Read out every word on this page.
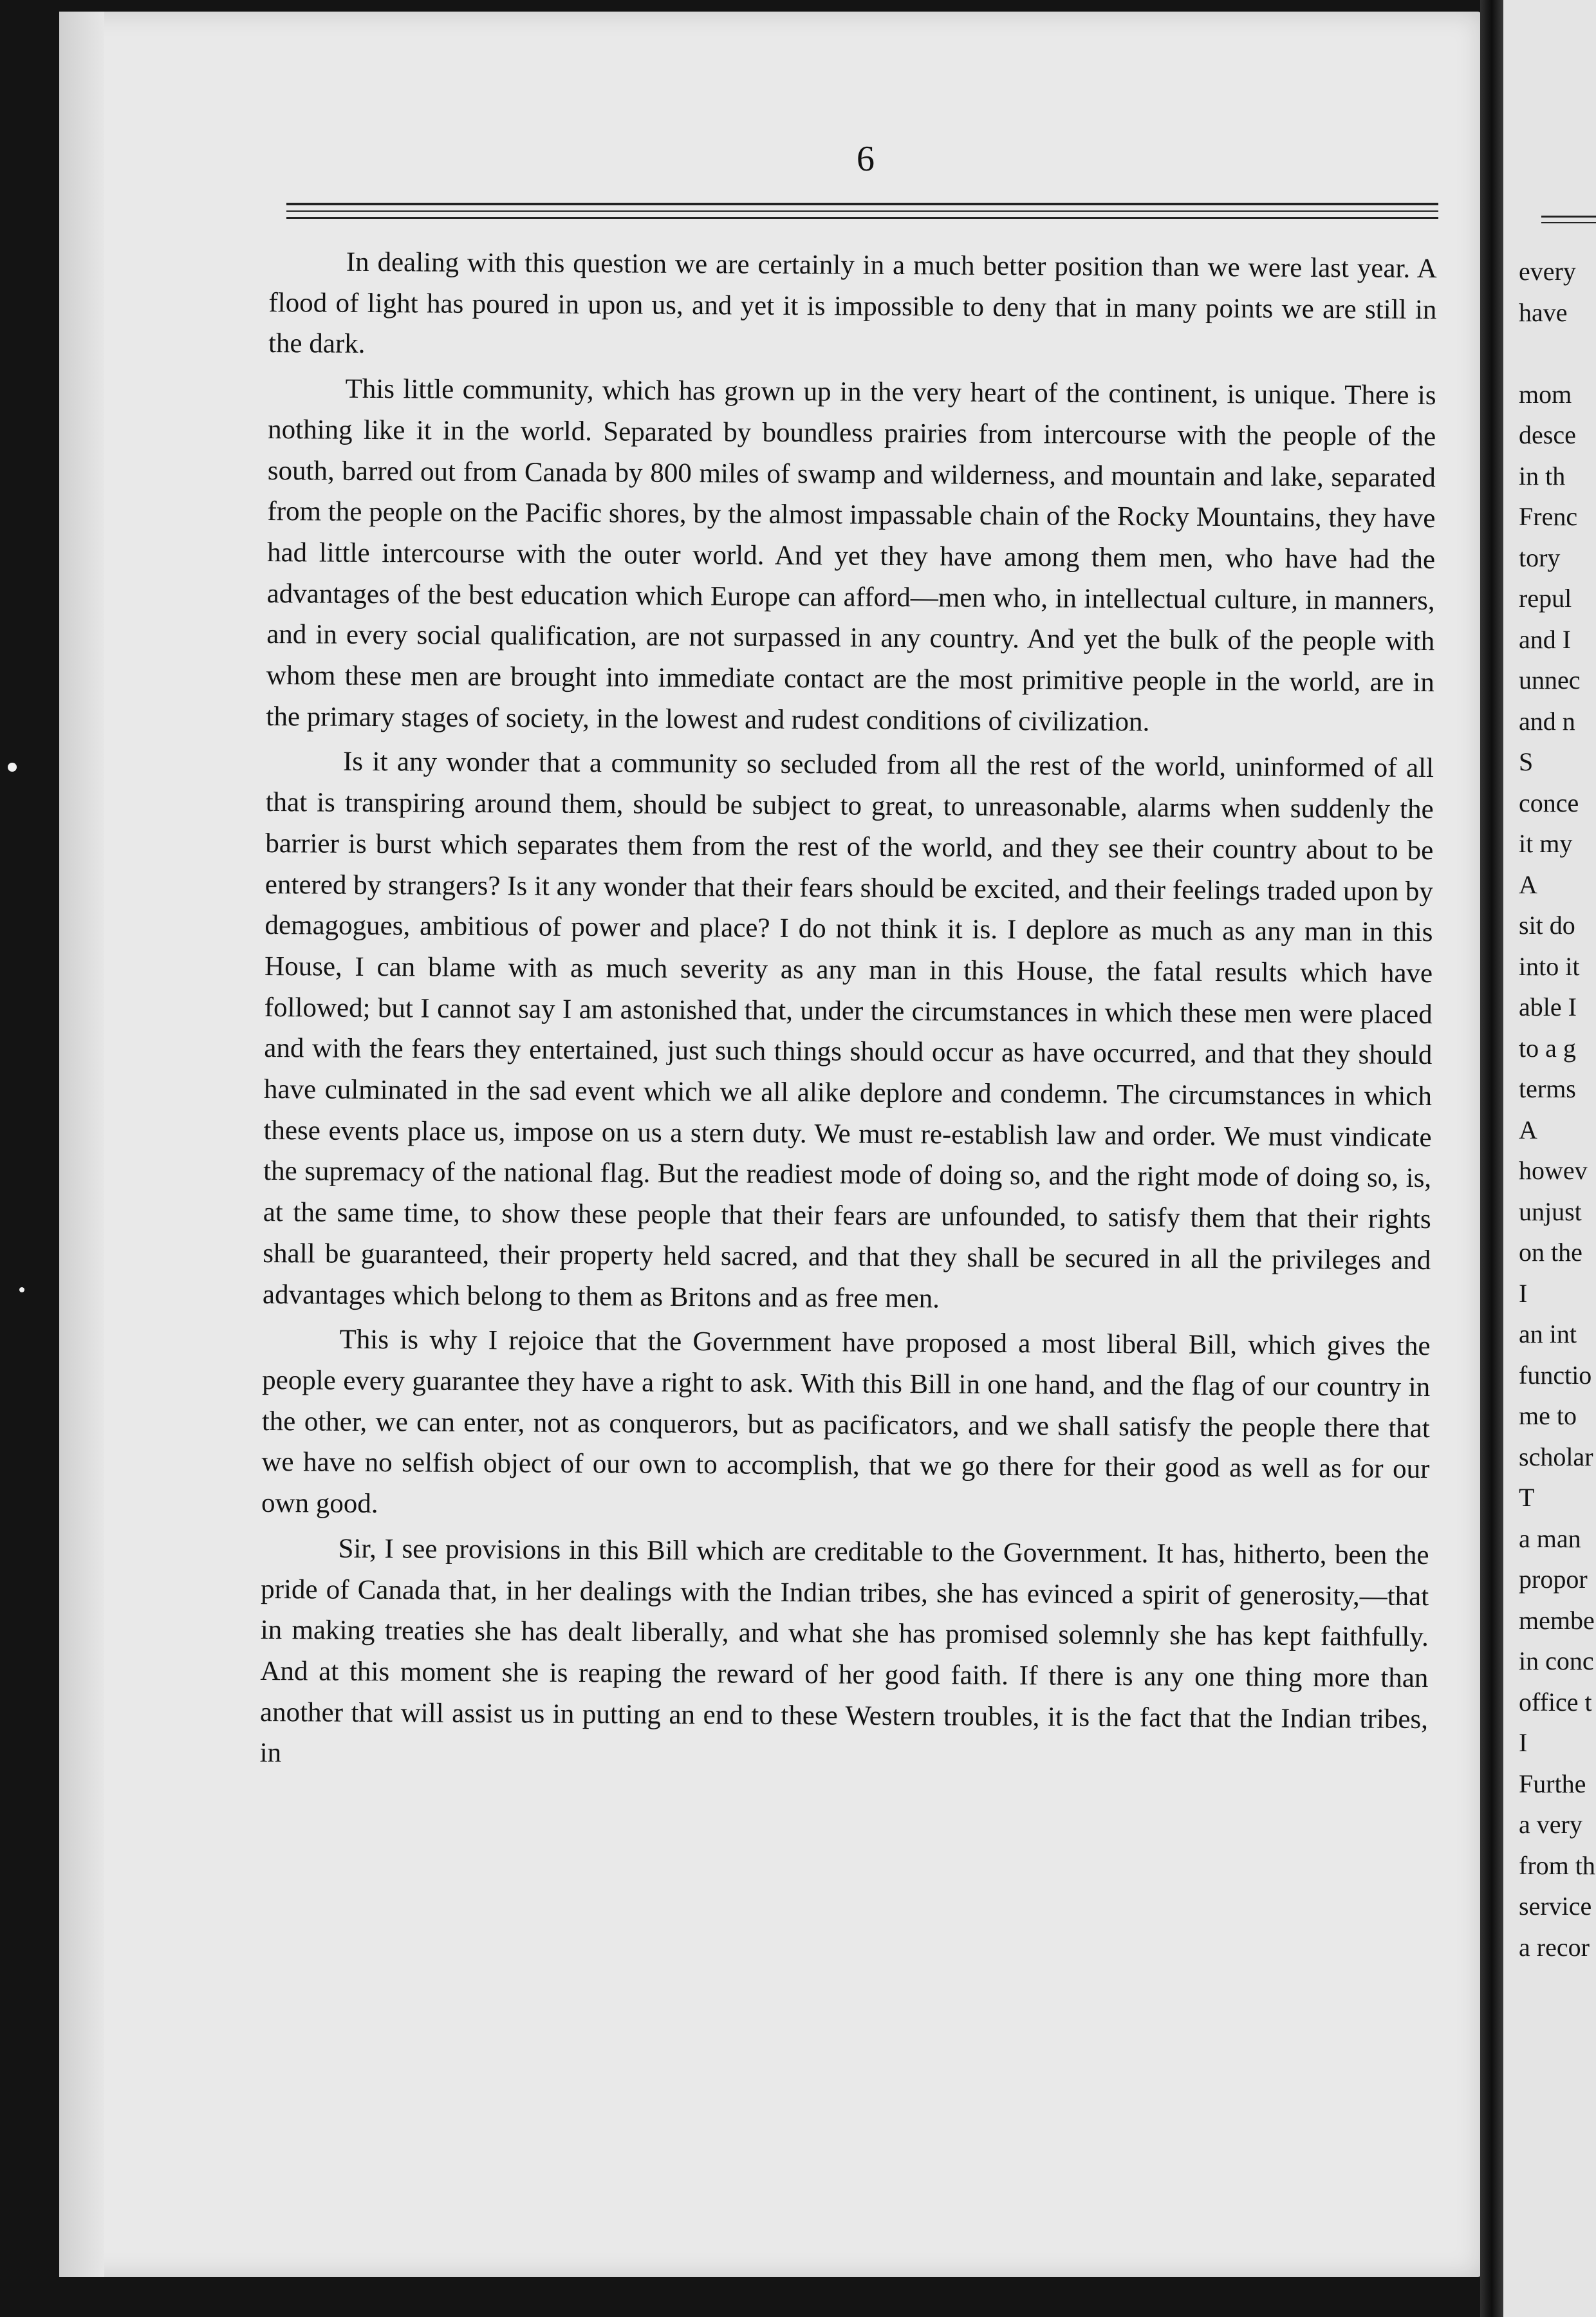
6

In dealing with this question we are certainly in a much better position than we were last year. A flood of light has poured in upon us, and yet it is impossible to deny that in many points we are still in the dark.

This little community, which has grown up in the very heart of the continent, is unique. There is nothing like it in the world. Separated by boundless prairies from intercourse with the people of the south, barred out from Canada by 800 miles of swamp and wilderness, and mountain and lake, separated from the people on the Pacific shores, by the almost impassable chain of the Rocky Mountains, they have had little intercourse with the outer world. And yet they have among them men, who have had the advantages of the best education which Europe can afford—men who, in intellectual culture, in manners, and in every social qualification, are not surpassed in any country. And yet the bulk of the people with whom these men are brought into immediate contact are the most primitive people in the world, are in the primary stages of society, in the lowest and rudest conditions of civilization.

Is it any wonder that a community so secluded from all the rest of the world, uninformed of all that is transpiring around them, should be subject to great, to unreasonable, alarms when suddenly the barrier is burst which separates them from the rest of the world, and they see their country about to be entered by strangers? Is it any wonder that their fears should be excited, and their feelings traded upon by demagogues, ambitious of power and place? I do not think it is. I deplore as much as any man in this House, I can blame with as much severity as any man in this House, the fatal results which have followed; but I cannot say I am astonished that, under the circumstances in which these men were placed and with the fears they entertained, just such things should occur as have occurred, and that they should have culminated in the sad event which we all alike deplore and condemn. The circumstances in which these events place us, impose on us a stern duty. We must re-establish law and order. We must vindicate the supremacy of the national flag. But the readiest mode of doing so, and the right mode of doing so, is, at the same time, to show these people that their fears are unfounded, to satisfy them that their rights shall be guaranteed, their property held sacred, and that they shall be secured in all the privileges and advantages which belong to them as Britons and as free men.

This is why I rejoice that the Government have proposed a most liberal Bill, which gives the people every guarantee they have a right to ask. With this Bill in one hand, and the flag of our country in the other, we can enter, not as conquerors, but as pacificators, and we shall satisfy the people there that we have no selfish object of our own to accomplish, that we go there for their good as well as for our own good.

Sir, I see provisions in this Bill which are creditable to the Government. It has, hitherto, been the pride of Canada that, in her dealings with the Indian tribes, she has evinced a spirit of generosity,—that in making treaties she has dealt liberally, and what she has promised solemnly she has kept faithfully. And at this moment she is reaping the reward of her good faith. If there is any one thing more than another that will assist us in putting an end to these Western troubles, it is the fact that the Indian tribes, in

every
have
mom
desce
in th
Frenc
tory
repul
and I
unnec
and n
S
conce
it my
A
sit do
into it
able I
to a g
terms
A
howev
unjust
on the
I
an int
functio
me to
scholar
T
a man
propor
membe
in conc
office t
I
Furthe
a very
from th
service
a recor
